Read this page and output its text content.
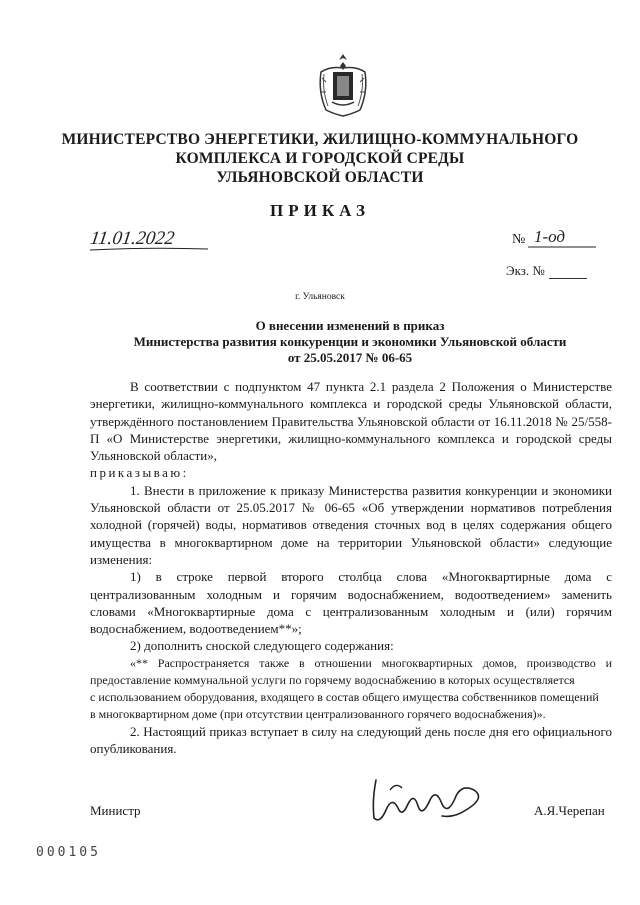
МИНИСТЕРСТВО ЭНЕРГЕТИКИ, ЖИЛИЩНО-КОММУНАЛЬНОГО
КОМПЛЕКСА И ГОРОДСКОЙ СРЕДЫ
УЛЬЯНОВСКОЙ ОБЛАСТИ
ПРИКАЗ
11.01.2022	№ 1-од
Экз. №
г. Ульяновск
О внесении изменений в приказ
Министерства развития конкуренции и экономики Ульяновской области
от 25.05.2017 № 06-65

В соответствии с подпунктом 47 пункта 2.1 раздела 2 Положения о Министерстве энергетики, жилищно-коммунального комплекса и городской среды Ульяновской области, утверждённого постановлением Правительства Ульяновской области от 16.11.2018 № 25/558-П «О Министерстве энергетики, жилищно-коммунального комплекса и городской среды Ульяновской области»,

приказываю:

1. Внести в приложение к приказу Министерства развития конкуренции и экономики Ульяновской области от 25.05.2017 № 06-65 «Об утверждении нормативов потребления холодной (горячей) воды, нормативов отведения сточных вод в целях содержания общего имущества в многоквартирном доме на территории Ульяновской области» следующие изменения:

1) в строке первой второго столбца слова «Многоквартирные дома с централизованным холодным и горячим водоснабжением, водоотведением» заменить словами «Многоквартирные дома с централизованным холодным и (или) горячим водоснабжением, водоотведением**»;

2) дополнить сноской следующего содержания:

«** Распространяется также в отношении многоквартирных домов, производство и предоставление коммунальной услуги по горячему водоснабжению в которых осуществляется

с использованием оборудования, входящего в состав общего имущества собственников помещений

в многоквартирном доме (при отсутствии централизованного горячего водоснабжения)».

2. Настоящий приказ вступает в силу на следующий день после дня его официального опубликования.

Министр	А.Я.Черепан
000105
